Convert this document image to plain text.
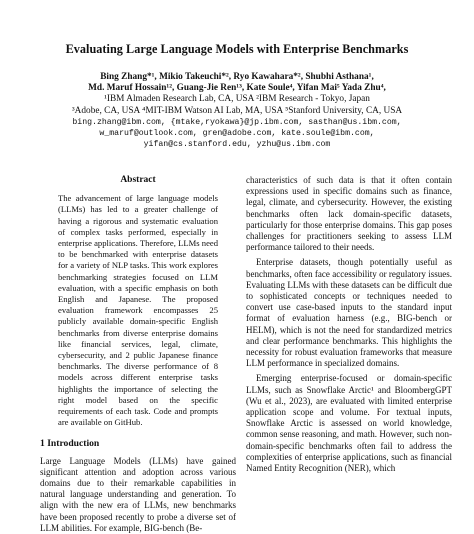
Evaluating Large Language Models with Enterprise Benchmarks
Bing Zhang*¹, Mikio Takeuchi*², Ryo Kawahara*², Shubhi Asthana¹,
Md. Maruf Hossain¹², Guang-Jie Ren¹³, Kate Soule⁴, Yifan Mai⁵ Yada Zhu⁴,
¹IBM Almaden Research Lab, CA, USA ²IBM Research - Tokyo, Japan
³Adobe, CA, USA ⁴MIT-IBM Watson AI Lab, MA, USA ⁵Stanford University, CA, USA
bing.zhang@ibm.com, {mtake,ryokawa}@jp.ibm.com, sasthan@us.ibm.com,
w_maruf@outlook.com, gren@adobe.com, kate.soule@ibm.com,
yifan@cs.stanford.edu, yzhu@us.ibm.com
Abstract
The advancement of large language models (LLMs) has led to a greater challenge of having a rigorous and systematic evaluation of complex tasks performed, especially in enterprise applications. Therefore, LLMs need to be benchmarked with enterprise datasets for a variety of NLP tasks. This work explores benchmarking strategies focused on LLM evaluation, with a specific emphasis on both English and Japanese. The proposed evaluation framework encompasses 25 publicly available domain-specific English benchmarks from diverse enterprise domains like financial services, legal, climate, cybersecurity, and 2 public Japanese finance benchmarks. The diverse performance of 8 models across different enterprise tasks highlights the importance of selecting the right model based on the specific requirements of each task. Code and prompts are available on GitHub.
1 Introduction
Large Language Models (LLMs) have gained significant attention and adoption across various domains due to their remarkable capabilities in natural language understanding and generation. To align with the new era of LLMs, new benchmarks have been proposed recently to probe a diverse set of LLM abilities. For example, BIG-bench (Be-
characteristics of such data is that it often contain expressions used in specific domains such as finance, legal, climate, and cybersecurity. However, the existing benchmarks often lack domain-specific datasets, particularly for those enterprise domains. This gap poses challenges for practitioners seeking to assess LLM performance tailored to their needs.
Enterprise datasets, though potentially useful as benchmarks, often face accessibility or regulatory issues. Evaluating LLMs with these datasets can be difficult due to sophisticated concepts or techniques needed to convert use case-based inputs to the standard input format of evaluation harness (e.g., BIG-bench or HELM), which is not the need for standardized metrics and clear performance benchmarks. This highlights the necessity for robust evaluation frameworks that measure LLM performance in specialized domains.
Emerging enterprise-focused or domain-specific LLMs, such as Snowflake Arctic¹ and BloombergGPT (Wu et al., 2023), are evaluated with limited enterprise application scope and volume. For textual inputs, Snowflake Arctic is assessed on world knowledge, common sense reasoning, and math. However, such non-domain-specific benchmarks often fail to address the complexities of enterprise applications, such as financial Named Entity Recognition (NER), which
